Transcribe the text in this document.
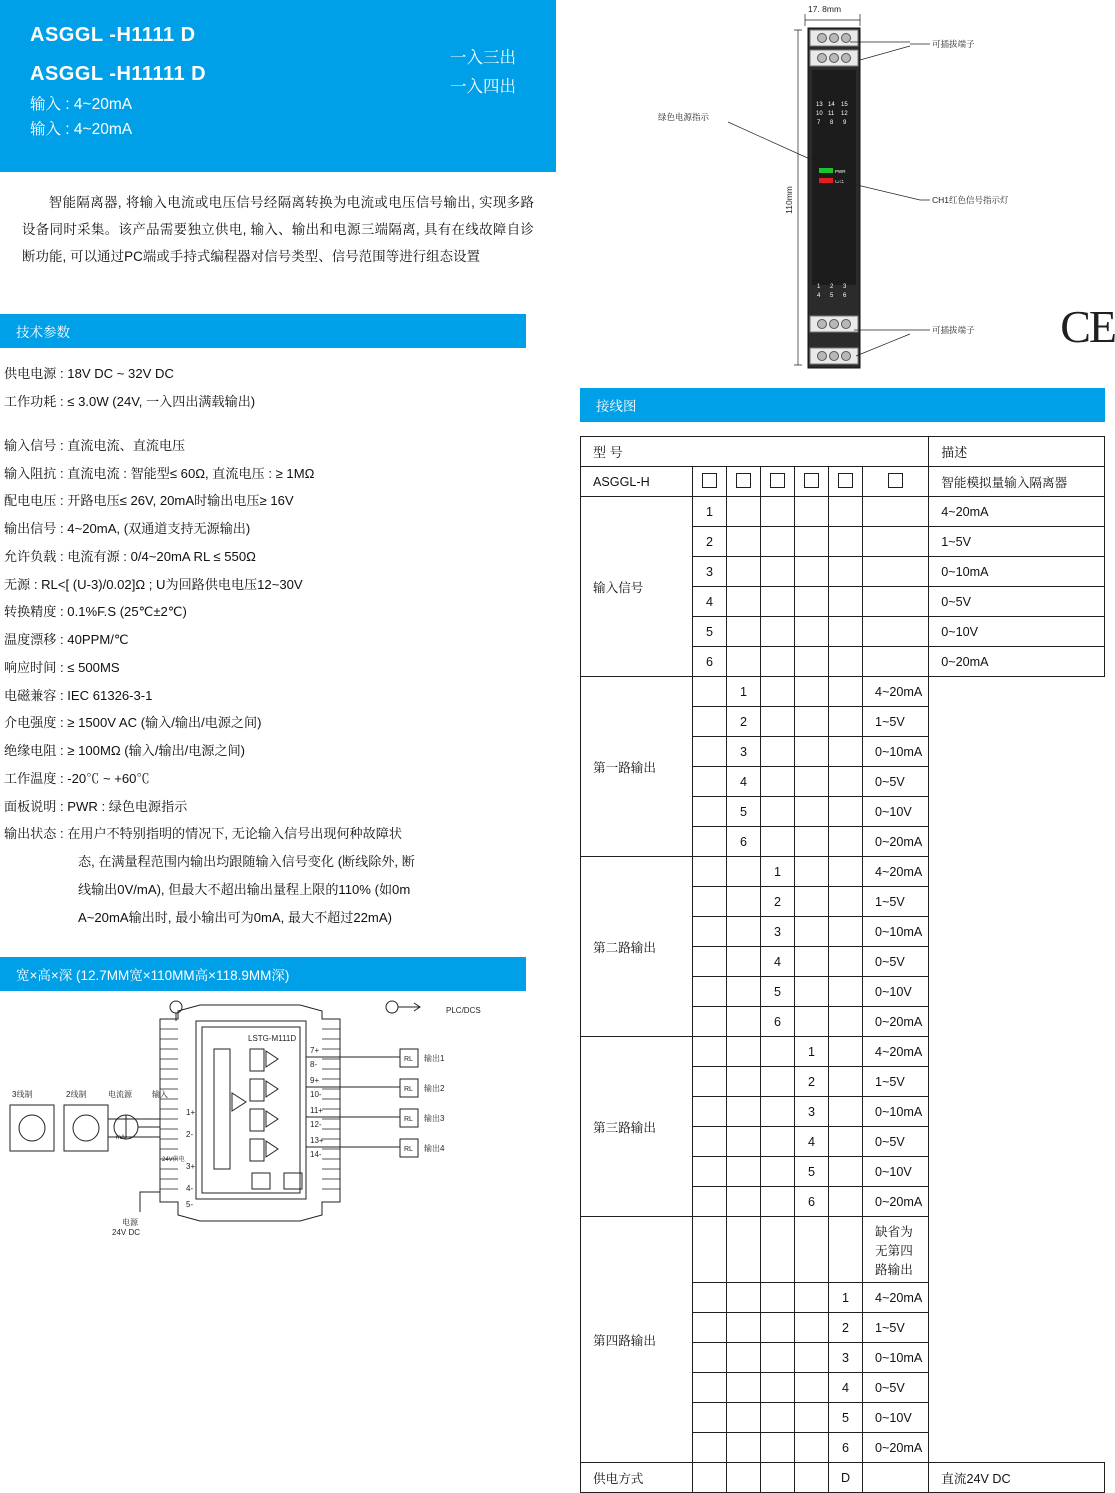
ASGGL -H1111 D
ASGGL -H11111 D
输入 : 4~20mA
输入 : 4~20mA
一入三出
一入四出

智能隔离器, 将输入电流或电压信号经隔离转换为电流或电压信号输出, 实现多路设备同时采集。该产品需要独立供电, 输入、输出和电源三端隔离, 具有在线故障自诊断功能, 可以通过PC端或手持式编程器对信号类型、信号范围等进行组态设置

技术参数
供电电源 : 18V DC ~ 32V DC
工作功耗 : ≤ 3.0W (24V, 一入四出满载输出)
输入信号 : 直流电流、直流电压
输入阻抗 : 直流电流 : 智能型≤ 60Ω, 直流电压 : ≥ 1MΩ
配电电压 : 开路电压≤ 26V, 20mA时输出电压≥ 16V
输出信号 : 4~20mA, (双通道支持无源输出)
允许负载 : 电流有源 : 0/4~20mA RL ≤ 550Ω
无源 : RL<[ (U-3)/0.02]Ω ; U为回路供电电压12~30V
转换精度 : 0.1%F.S (25℃±2℃)
温度漂移 : 40PPM/℃
响应时间 : ≤ 500MS
电磁兼容 : IEC 61326-3-1
介电强度 : ≥ 1500V AC (输入/输出/电源之间)
绝缘电阻 : ≥ 100MΩ (输入/输出/电源之间)
工作温度 : -20℃ ~ +60℃
面板说明 : PWR : 绿色电源指示
输出状态 : 在用户不特别指明的情况下, 无论输入信号出现何种故障状
态, 在满量程范围内输出均跟随输入信号变化 (断线除外, 断
线输出0V/mA), 但最大不超出输出量程上限的110% (如0m
A~20mA输出时, 最小输出可为0mA, 最大不超过22mA)
宽×高×深 (12.7MM宽×110MM高×118.9MM深)
LSTG-M111D
PLC/DCS
3线制	2线制	电流源	输入
电源
24V DC
24V供电
mA
1+
2-
3+
4-
5-
7+
8-
9+
10-
11+
12-
13+
14-
RL
RL
RL
RL
输出1
输出2
输出3
输出4
17. 8mm
110mm
13 14 15
10 11 12
7 8 9
1 2 3
4 5 6
PWR
CH1
可插拔端子
绿色电源指示
CH1红色信号指示灯
可插拔端子 CE
接线图
型 号							描述
ASGGL-H							智能模拟量输入隔离器
输入信号	1						4~20mA
	2						1~5V
	3						0~10mA
	4						0~5V
	5						0~10V
	6						0~20mA
第一路输出		1				4~20mA	
		2				1~5V	
		3				0~10mA	
		4				0~5V	
		5				0~10V	
		6				0~20mA	
第二路输出			1			4~20mA	
			2			1~5V	
			3			0~10mA	
			4			0~5V	
			5			0~10V	
			6			0~20mA	
第三路输出				1		4~20mA	
				2		1~5V	
				3		0~10mA	
				4		0~5V	
				5		0~10V	
				6		0~20mA	
第四路输出						缺省为无第四路输出	
					1	4~20mA	
					2	1~5V	
					3	0~10mA	
					4	0~5V	
					5	0~10V	
					6	0~20mA	
供电方式					D		直流24V DC
